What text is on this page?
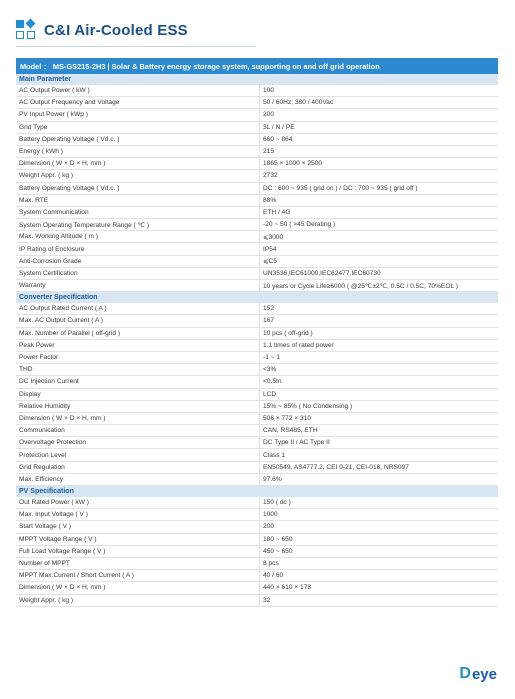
C&I Air-Cooled ESS
Model ： MS-GS215-2H3 | Solar & Battery energy storage system, supporting on and off grid operation
Main Parameter
AC Output Power ( kW )	100
AC Output Frequency and Voltage	50 / 60Hz; 380 / 400Vac
PV Input Power ( kWp )	200
Grid Type	3L / N / PE
Battery Operating Voltage ( Vd.c. )	660 ~ 864
Energy ( kWh )	215
Dimension ( W × D × H, mm )	1865 × 1000 × 2500
Weight Appr. ( kg )	2732
Battery Operating Voltage ( Vd.c. )	DC : 600 ~ 935 ( grid on ) / DC : 700 ~ 935 ( grid off )
Max. RTE	88%
System Communication	ETH / 4G
System Operating Temperature Range ( ℃ )	-20 ~ 50 ( >45 Derating )
Max. Working Altitude ( m )	⩽3000
IP Rating of Enclosure	IP54
Anti-Corrosion Grade	⩽C5
System Certification	UN3536,IEC61000,IEC62477,IEC60730
Warranty	10 years or Cycle Life≥6000 ( @25℃±2℃, 0.5C / 0.5C, 70%EOL )
Converter Specification
AC Output Rated Current ( A )	152
Max. AC Output Current ( A )	167
Max. Number of Parallel ( off-grid )	10 pcs ( off-grid )
Peak Power	1.1 times of rated power
Power Factor	-1 ~ 1
THD	<3%
DC Injection Current	<0.5In
Display	LCD
Relative Humidity	15% ~ 85% ( No Condensing )
Dimension ( W × D × H, mm )	506 × 772 × 310
Communication	CAN, RS485, ETH
Overvoltage Protection	DC Type II / AC Type II
Protection Level	Class 1
Grid Regulation	EN50549, AS4777.2, CEI 0-21, CEI-016, NRS097
Max. Efficiency	97.6%
PV Specification
Out Rated Power ( kW )	150 ( dc )
Max. Input Voltage ( V )	1000
Start Voltage ( V )	200
MPPT Voltage Range ( V )	180 ~ 650
Full Load Voltage Range ( V )	450 ~ 650
Number of MPPT	8 pcs
MPPT Max.Current / Short Current ( A )	40 / 60
Dimension ( W × D × H, mm )	440 × 610 × 178
Weight Appr. ( kg )	32
D eye
